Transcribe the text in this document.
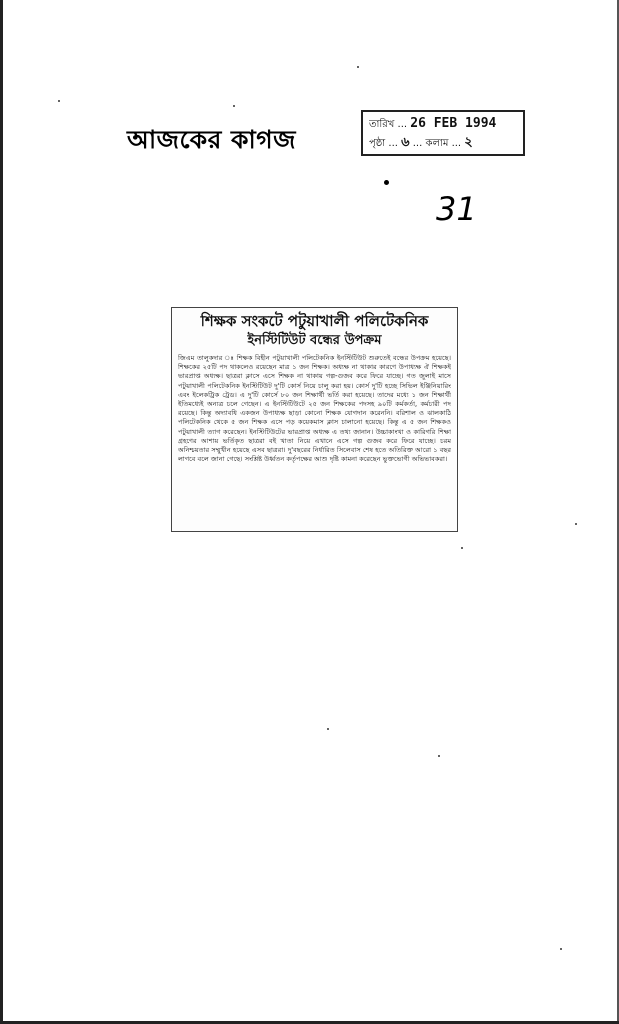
আজকের কাগজ
তারিখ ... 26 FEB 1994
পৃষ্ঠা ... ৬ ... কলাম ... ২
31

শিক্ষক সংকটে পটুয়াখালী পলিটেকনিক

ইনস্টিটিউট বন্ধের উপক্রম

জিএম তালুকদার ঃ শিক্ষক বিহীন পটুয়াখালী পলিটেকনিক ইনস্টিটিউট শুরুতেই বন্ধের উপক্রম হয়েছে। শিক্ষকের ২৫টি পদ থাকলেও রয়েছেন মাত্র ১ জন শিক্ষক। অধ্যক্ষ না থাকার কারণে উপাধ্যক্ষ ঐ শিক্ষকই ভারপ্রাপ্ত অধ্যক্ষ। ছাত্ররা ক্লাসে এসে শিক্ষক না থাকায় গল্প-গুজব করে ফিরে যাচ্ছে। গত জুলাই মাসে পটুয়াখালী পলিটেকনিক ইনস্টিটিউট দু'টি কোর্স নিয়ে চালু করা হয়। কোর্স দু'টি হচ্ছে সিভিল ইঞ্জিনিয়ারিং এবং ইলেকট্রিক ট্রেড। এ দু'টি কোর্সে ৮০ জন শিক্ষার্থী ভর্তি করা হয়েছে। তাদের মধ্যে ১ জন শিক্ষার্থী ইতিমধ্যেই অন্যত্র চলে গেছেন। এ ইনস্টিটিউটে ২৫ জন শিক্ষকের পদসহ ৯০টি কর্মকর্তা, কর্মচারী পদ রয়েছে। কিন্তু অদ্যাবধি একজন উপাধ্যক্ষ ছাড়া কোনো শিক্ষক যোগদান করেননি। বরিশাল ও ঝালকাঠি পলিটেকনিক থেকে ৫ জন শিক্ষক এসে পড় কয়েকমাস ক্লাস চালানো হয়েছে। কিন্তু এ ৫ জন শিক্ষকও পটুয়াখালী ত্যাগ করেছেন। ইনস্টিটিউটের ভারপ্রাপ্ত অধ্যক্ষ এ তথ্য জানান। উচ্চাকাংখা ও কারিগরি শিক্ষা গ্রহণের আশায় ভর্তিকৃত ছাত্ররা বই খাতা নিয়ে এখানে এসে গল্প গুজব করে ফিরে যাচ্ছে। চরম অনিশ্চয়তার সম্মুখীন হয়েছে এসব ছাত্ররা। দু'বছরের নির্ধারিত সিলেবাস শেষ হতে অতিরিক্ত আরো ১ বছর লাগবে বলে জানা গেছে। সংশ্লিষ্ট উর্ধ্বতন কর্তৃপক্ষের আশু দৃষ্টি কামনা করেছেন ভুক্তভোগী অভিভাবকরা।
